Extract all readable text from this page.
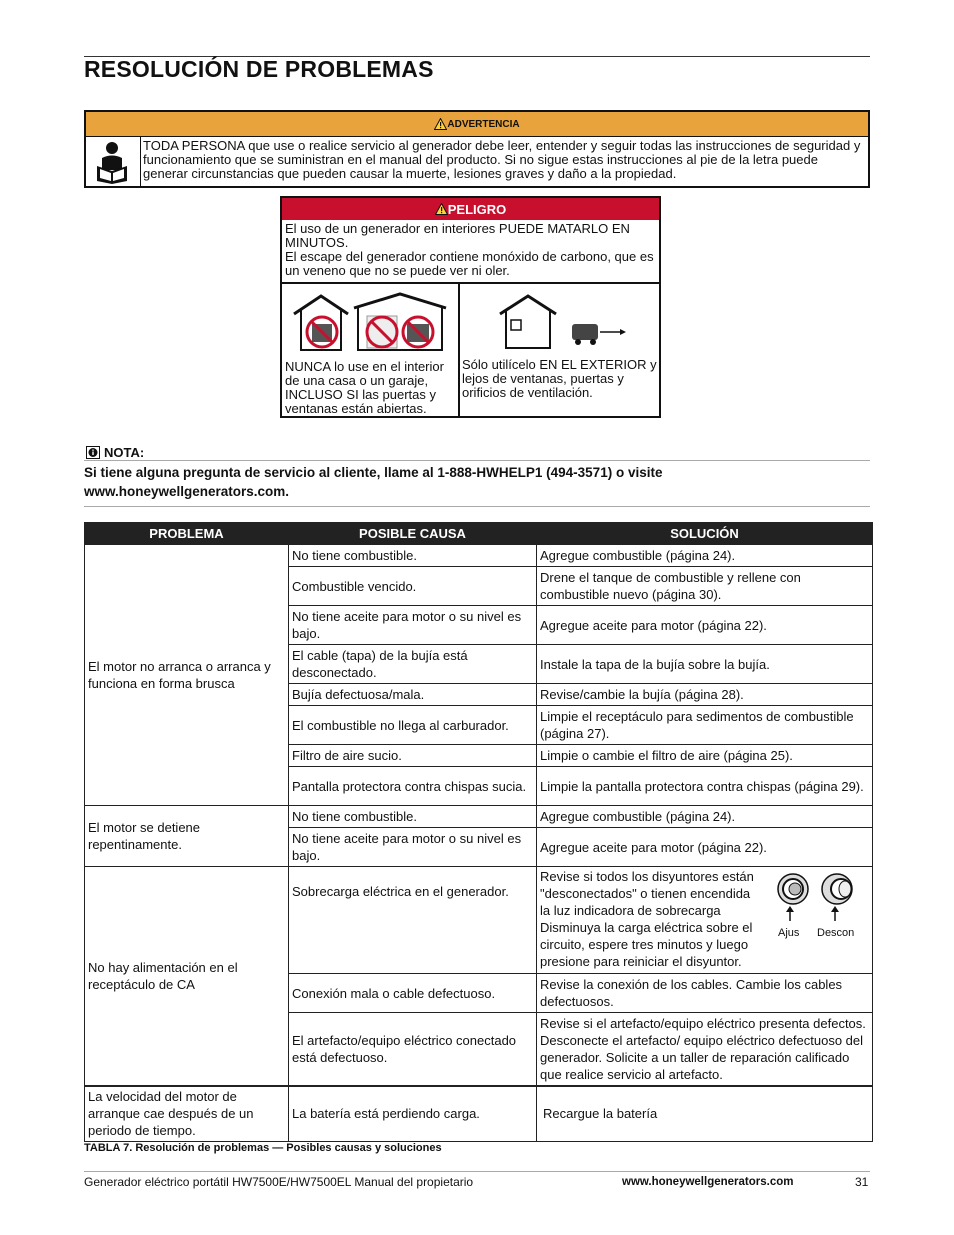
RESOLUCIÓN DE PROBLEMAS
ADVERTENCIA
TODA PERSONA que use o realice servicio al generador debe leer, entender y seguir todas las instrucciones de seguridad y funcionamiento que se suministran en el manual del producto. Si no sigue estas instrucciones al pie de la letra puede generar circunstancias que pueden causar la muerte, lesiones graves y daño a la propiedad.
PELIGRO
El uso de un generador en interiores PUEDE MATARLO EN MINUTOS.
El escape del generador contiene monóxido de carbono, que es un veneno que no se puede ver ni oler.
NUNCA lo use en el interior de una casa o un garaje, INCLUSO SI las puertas y ventanas están abiertas.
Sólo utilícelo EN EL EXTERIOR y lejos de ventanas, puertas y orificios de ventilación.
NOTA:
Si tiene alguna pregunta de servicio al cliente, llame al 1-888-HWHELP1 (494-3571) o visite
www.honeywellgenerators.com.
PROBLEMA	POSIBLE CAUSA	SOLUCIÓN
El motor no arranca o arranca y funciona en forma brusca	No tiene combustible.	Agregue combustible (página 24).
	Combustible vencido.	Drene el tanque de combustible y rellene con combustible nuevo (página 30).
	No tiene aceite para motor o su nivel es bajo.	Agregue aceite para motor (página 22).
	El cable (tapa) de la bujía está desconectado.	Instale la tapa de la bujía sobre la bujía.
	Bujía defectuosa/mala.	Revise/cambie la bujía (página 28).
	El combustible no llega al carburador.	Limpie el receptáculo para sedimentos de combustible (página 27).
	Filtro de aire sucio.	Limpie o cambie el filtro de aire (página 25).
	Pantalla protectora contra chispas sucia.	Limpie la pantalla protectora contra chispas (página 29).
El motor se detiene repentinamente.	No tiene combustible.	Agregue combustible (página 24).
	No tiene aceite para motor o su nivel es bajo.	Agregue aceite para motor (página 22).
No hay alimentación en el receptáculo de CA	Sobrecarga eléctrica en el generador.	Revise si todos los disyuntores están "desconectados" o tienen encendida la luz indicadora de sobrecarga Disminuya la carga eléctrica sobre el circuito, espere tres minutos y luego presione para reiniciar el disyuntor.
Ajus Descon

	Conexión mala o cable defectuoso.	Revise la conexión de los cables. Cambie los cables defectuosos.
	El artefacto/equipo eléctrico conectado está defectuoso.	Revise si el artefacto/equipo eléctrico presenta defectos. Desconecte el artefacto/ equipo eléctrico defectuoso del generador. Solicite a un taller de reparación calificado que realice servicio al artefacto.
La velocidad del motor de arranque cae después de un periodo de tiempo.	La batería está perdiendo carga.	Recargue la batería
TABLA 7. Resolución de problemas — Posibles causas y soluciones
Generador eléctrico portátil HW7500E/HW7500EL Manual del propietario	www.honeywellgenerators.com	31
